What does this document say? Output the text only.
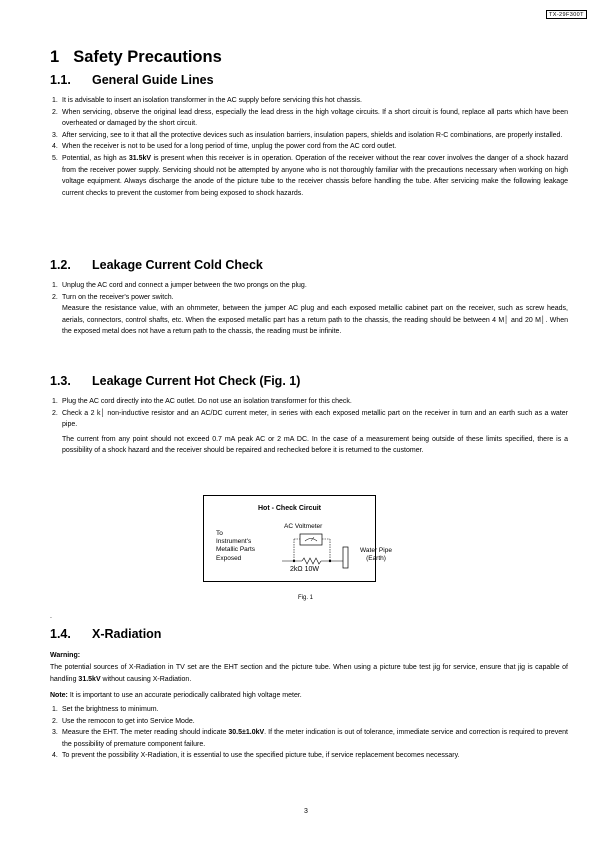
TX-29F300T
1 Safety Precautions
1.1. General Guide Lines
1. It is advisable to insert an isolation transformer in the AC supply before servicing this hot chassis.
2. When servicing, observe the original lead dress, especially the lead dress in the high voltage circuits. If a short circuit is found, replace all parts which have been overheated or damaged by the short circuit.
3. After servicing, see to it that all the protective devices such as insulation barriers, insulation papers, shields and isolation R-C combinations, are properly installed.
4. When the receiver is not to be used for a long period of time, unplug the power cord from the AC cord outlet.
5. Potential, as high as 31.5kV is present when this receiver is in operation. Operation of the receiver without the rear cover involves the danger of a shock hazard from the receiver power supply. Servicing should not be attempted by anyone who is not thoroughly familiar with the precautions necessary when working on high voltage equipment. Always discharge the anode of the picture tube to the receiver chassis before handling the tube. After servicing make the following leakage current checks to prevent the customer from being exposed to shock hazards.
1.2. Leakage Current Cold Check
1. Unplug the AC cord and connect a jumper between the two prongs on the plug.
2. Turn on the receiver's power switch.
Measure the resistance value, with an ohmmeter, between the jumper AC plug and each exposed metallic cabinet part on the receiver, such as screw heads, aerials, connectors, control shafts, etc. When the exposed metallic part has a return path to the chassis, the reading should be between 4 M│ and 20 M│. When the exposed metal does not have a return path to the chassis, the reading must be infinite.
1.3. Leakage Current Hot Check (Fig. 1)
1. Plug the AC cord directly into the AC outlet. Do not use an isolation transformer for this check.
2. Check a 2 k│ non-inductive resistor and an AC/DC current meter, in series with each exposed metallic part on the receiver in turn and an earth such as a water pipe.
The current from any point should not exceed 0.7 mA peak AC or 2 mA DC. In the case of a measurement being outside of these limits specified, there is a possibility of a shock hazard and the receiver should be repaired and rechecked before it is returned to the customer.
Hot - Check Circuit
AC Voltmeter
To
Instrument's
Metallic Parts
Exposed
2kΩ 10W
Water Pipe
(Earth)
Fig. 1
.
1.4. X-Radiation

Warning:

The potential sources of X-Radiation in TV set are the EHT section and the picture tube. When using a picture tube test jig for service, ensure that jig is capable of handling 31.5kV without causing X-Radiation.

Note: It is important to use an accurate periodically calibrated high voltage meter.

1. Set the brightness to minimum.
2. Use the remocon to get into Service Mode.
3. Measure the EHT. The meter reading should indicate 30.5±1.0kV. If the meter indication is out of tolerance, immediate service and correction is required to prevent the possibility of premature component failure.
4. To prevent the possibility X-Radiation, it is essential to use the specified picture tube, if service replacement becomes necessary.
3
